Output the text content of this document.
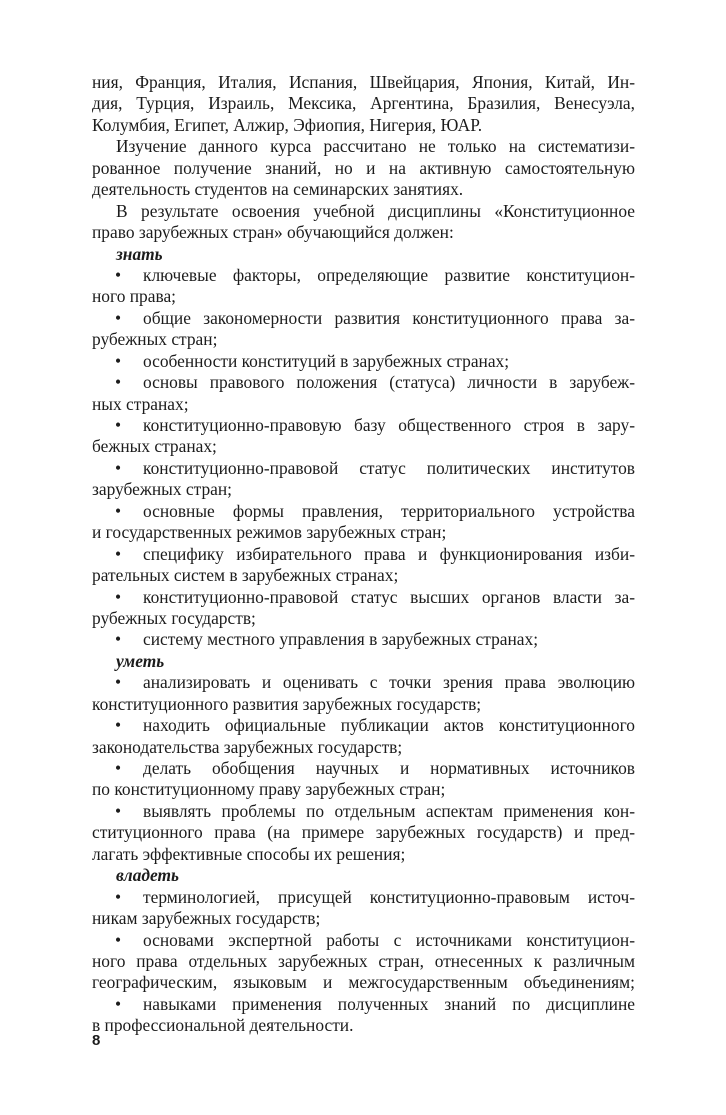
ния, Франция, Италия, Испания, Швейцария, Япония, Китай, Ин-
дия, Турция, Израиль, Мексика, Аргентина, Бразилия, Венесуэла,
Колумбия, Египет, Алжир, Эфиопия, Нигерия, ЮАР.
Изучение данного курса рассчитано не только на систематизи-
рованное получение знаний, но и на активную самостоятельную
деятельность студентов на семинарских занятиях.
В результате освоения учебной дисциплины «Конституционное
право зарубежных стран» обучающийся должен:
знать
• ключевые факторы, определяющие развитие конституцион-
ного права;
• общие закономерности развития конституционного права за-
рубежных стран;
• особенности конституций в зарубежных странах;
• основы правового положения (статуса) личности в зарубеж-
ных странах;
• конституционно-правовую базу общественного строя в зару-
бежных странах;
• конституционно-правовой статус политических институтов
зарубежных стран;
• основные формы правления, территориального устройства
и государственных режимов зарубежных стран;
• специфику избирательного права и функционирования изби-
рательных систем в зарубежных странах;
• конституционно-правовой статус высших органов власти за-
рубежных государств;
• систему местного управления в зарубежных странах;
уметь
• анализировать и оценивать с точки зрения права эволюцию
конституционного развития зарубежных государств;
• находить официальные публикации актов конституционного
законодательства зарубежных государств;
• делать обобщения научных и нормативных источников
по конституционному праву зарубежных стран;
• выявлять проблемы по отдельным аспектам применения кон-
ституционного права (на примере зарубежных государств) и пред-
лагать эффективные способы их решения;
владеть
• терминологией, присущей конституционно-правовым источ-
никам зарубежных государств;
• основами экспертной работы с источниками конституцион-
ного права отдельных зарубежных стран, отнесенных к различным
географическим, языковым и межгосударственным объединениям;
• навыками применения полученных знаний по дисциплине
в профессиональной деятельности.
8
